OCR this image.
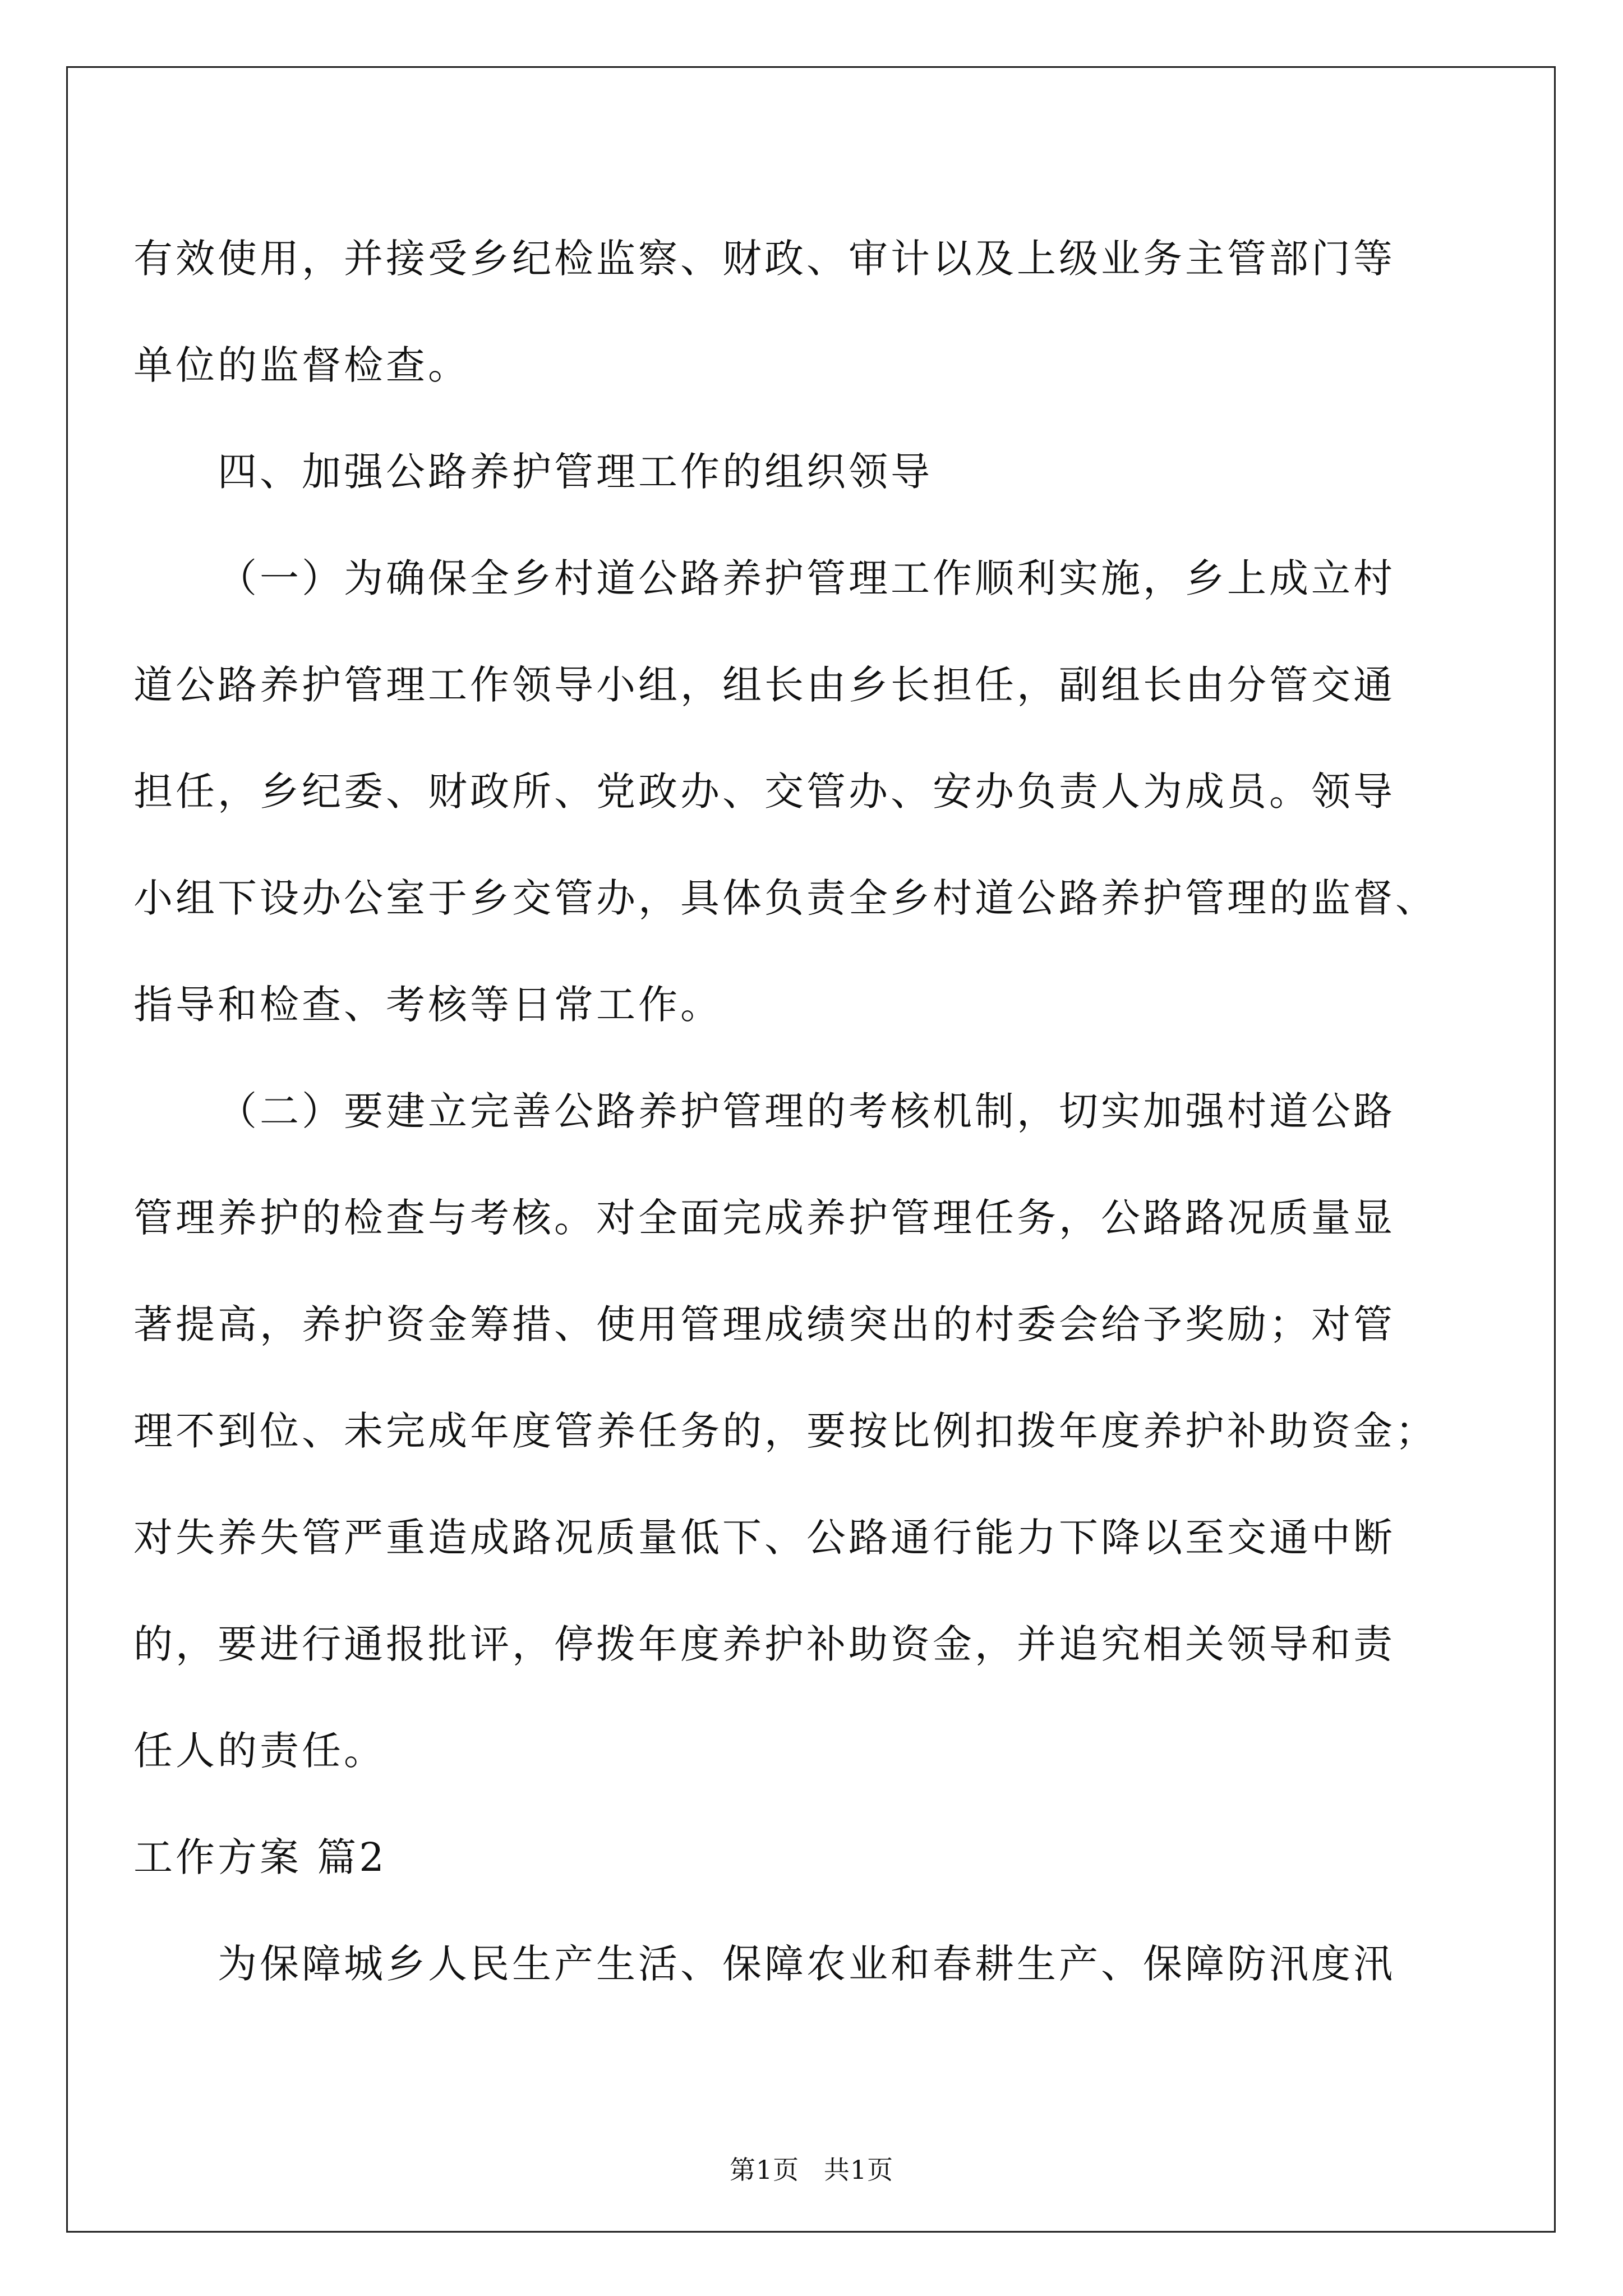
有效使用，并接受乡纪检监察、财政、审计以及上级业务主管部门等
单位的监督检查。
四、加强公路养护管理工作的组织领导
（一）为确保全乡村道公路养护管理工作顺利实施，乡上成立村
道公路养护管理工作领导小组，组长由乡长担任，副组长由分管交通
担任，乡纪委、财政所、党政办、交管办、安办负责人为成员。领导
小组下设办公室于乡交管办，具体负责全乡村道公路养护管理的监督、
指导和检查、考核等日常工作。
（二）要建立完善公路养护管理的考核机制，切实加强村道公路
管理养护的检查与考核。对全面完成养护管理任务，公路路况质量显
著提高，养护资金筹措、使用管理成绩突出的村委会给予奖励；对管
理不到位、未完成年度管养任务的，要按比例扣拨年度养护补助资金；
对失养失管严重造成路况质量低下、公路通行能力下降以至交通中断
的，要进行通报批评，停拨年度养护补助资金，并追究相关领导和责
任人的责任。
工作方案 篇2
为保障城乡人民生产生活、保障农业和春耕生产、保障防汛度汛
第1页 共1页
